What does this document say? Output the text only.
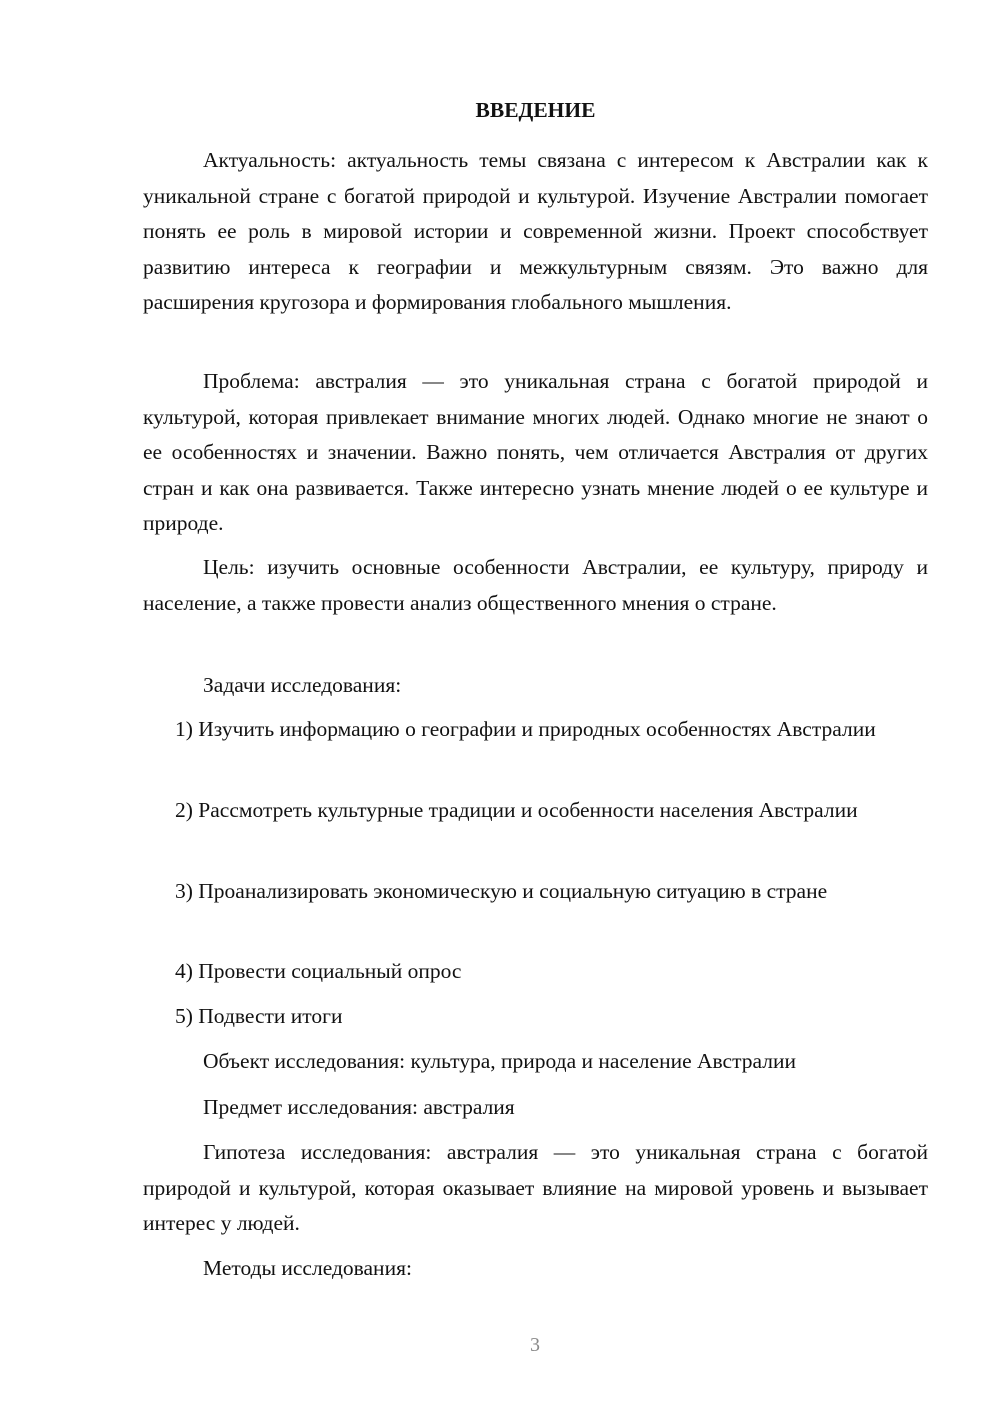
ВВЕДЕНИЕ
Актуальность: актуальность темы связана с интересом к Австралии как к уникальной стране с богатой природой и культурой. Изучение Австралии помогает понять ее роль в мировой истории и современной жизни. Проект способствует развитию интереса к географии и межкультурным связям. Это важно для расширения кругозора и формирования глобального мышления.
Проблема: австралия — это уникальная страна с богатой природой и культурой, которая привлекает внимание многих людей. Однако многие не знают о ее особенностях и значении. Важно понять, чем отличается Австралия от других стран и как она развивается. Также интересно узнать мнение людей о ее культуре и природе.
Цель: изучить основные особенности Австралии, ее культуру, природу и население, а также провести анализ общественного мнения о стране.
Задачи исследования:
1) Изучить информацию о географии и природных особенностях Австралии
2) Рассмотреть культурные традиции и особенности населения Австралии
3) Проанализировать экономическую и социальную ситуацию в стране
4) Провести социальный опрос
5) Подвести итоги
Объект исследования: культура, природа и население Австралии
Предмет исследования: австралия
Гипотеза исследования: австралия — это уникальная страна с богатой природой и культурой, которая оказывает влияние на мировой уровень и вызывает интерес у людей.
Методы исследования:
3
